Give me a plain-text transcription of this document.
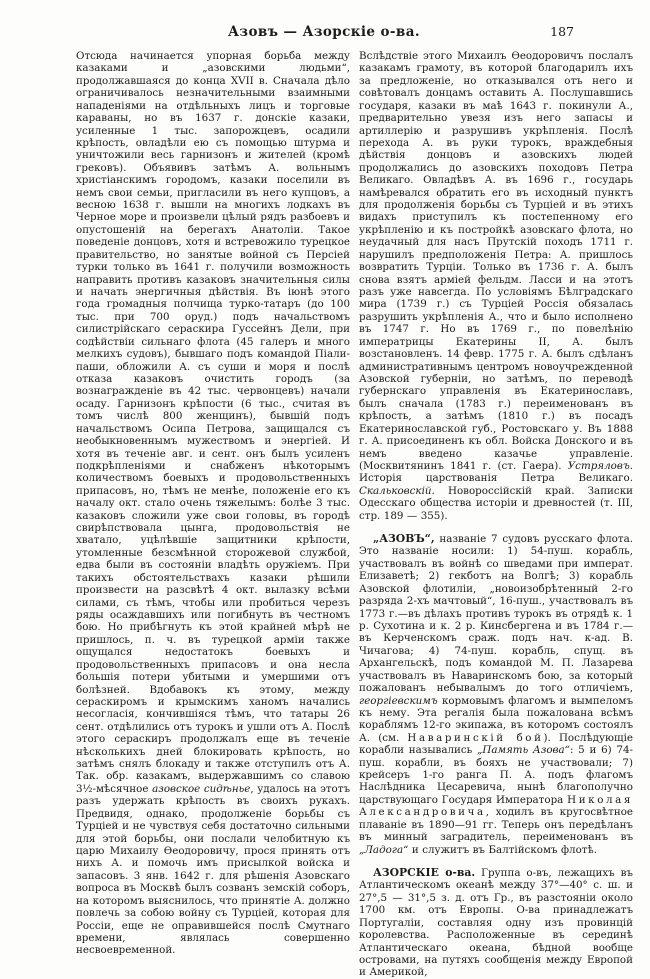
Азовъ — Азорскіе о-ва.	187

Отсюда начинается упорная борьба между казаками и „азовскими людьми“, продолжавшаяся до конца XVII в. Сначала дѣло ограничивалось незначительными взаимными нападеніями на отдѣльныхъ лицъ и торговые караваны, но въ 1637 г. донскіе казаки, усиленные 1 тыс. запорожцевъ, осадили крѣпость, овладѣли ею съ помощью штурма и уничтожили весь гарнизонъ и жителей (кромѣ грековъ). Объявивъ затѣмъ А. вольнымъ христіанскимъ городомъ, казаки поселили въ немъ свои семьи, пригласили въ него купцовъ, а весною 1638 г. вышли на многихъ лодкахъ въ Черное море и произвели цѣлый рядъ разбоевъ и опустошеній на берегахъ Анатоліи. Такое поведеніе донцовъ, хотя и встревожило турецкое правительство, но занятые войной съ Персіей турки только въ 1641 г. получили возможность направить противъ казаковъ значительныя силы и начать энергичныя дѣйствія. Въ іюнѣ этого года громадныя полчища турко-татаръ (до 100 тыс. при 700 оруд.) подъ начальствомъ силистрійскаго сераскира Гуссейнъ Дели, при содѣйствіи сильнаго флота (45 галеръ и много мелкихъ судовъ), бывшаго подъ командой Піали-паши, обложили А. съ суши и моря и послѣ отказа казаковъ очистить городъ (за вознагражденіе въ 42 тыс. червонцевъ) начали осаду. Гарнизонъ крѣпости (6 тыс., считая въ томъ числѣ 800 женщинъ), бывшій подъ начальствомъ Осипа Петрова, защищался съ необыкновеннымъ мужествомъ и энергіей. И хотя въ теченіе авг. и сент. онъ былъ усиленъ подкрѣпленіями и снабженъ нѣкоторымъ количествомъ боевыхъ и продовольственныхъ припасовъ, но, тѣмъ не менѣе, положеніе его къ началу окт. стало очень тяжелымъ: болѣе 3 тыс. казаковъ сложили уже свои головы, въ городѣ свирѣпствовала цынга, продовольствія не хватало, уцѣлѣвшіе защитники крѣпости, утомленные безсмѣнной сторожевой службой, едва были въ состояніи владѣть оружіемъ. При такихъ обстоятельствахъ казаки рѣшили произвести на разсвѣтѣ 4 окт. вылазку всѣми силами, съ тѣмъ, чтобы или пробиться черезъ ряды осаждавшихъ или погибнуть въ честномъ бою. Но прибѣгнуть къ этой крайней мѣрѣ не пришлось, п. ч. въ турецкой арміи также ощущался недостатокъ боевыхъ и продовольственныхъ припасовъ и она несла большія потери убитыми и умершими отъ болѣзней. Вдобавокъ къ этому, между сераскиромъ и крымскимъ ханомъ начались несогласія, кончившіяся тѣмъ, что татары 26 сент. отдѣлились отъ турокъ и ушли отъ А. Послѣ этого сераскиръ продолжалъ еще въ теченіе нѣсколькихъ дней блокировать крѣпость, но затѣмъ снялъ блокаду и также отступилъ отъ А. Так. обр. казакамъ, выдержавшимъ со славою 3½-мѣсячное азовское сидѣнье, удалось на этотъ разъ удержать крѣпость въ своихъ рукахъ. Предвидя, однако, продолженіе борьбы съ Турціей и не чувствуя себя достаточно сильными для этой борьбы, они послали челобитную къ царю Михаилу Ѳеодоровичу, прося принять отъ нихъ А. и помочь имъ присылкой войска и запасовъ. 3 янв. 1642 г. для рѣшенія Азовскаго вопроса въ Москвѣ былъ созванъ земскій соборъ, на которомъ выяснилось, что принятіе А. должно повлечь за собою войну съ Турціей, которая для Россіи, еще не оправившейся послѣ Смутнаго времени, являлась совершенно несвоевременной.

Вслѣдствіе этого Михаилъ Ѳеодоровичъ послалъ казакамъ грамоту, въ которой благодарилъ ихъ за предложеніе, но отказывался отъ него и совѣтовалъ донцамъ оставить А. Послушавшись государя, казаки въ маѣ 1643 г. покинули А., предварительно увезя изъ него запасы и артиллерію и разрушивъ укрѣпленія. Послѣ перехода А. въ руки турокъ, враждебныя дѣйствія донцовъ и азовскихъ людей продолжались до азовскихъ походовъ Петра Великаго. Овладѣвъ А. въ 1696 г., государь намѣревался обратить его въ исходный пунктъ для продолженія борьбы съ Турціей и въ этихъ видахъ приступилъ къ постепенному его укрѣпленію и къ постройкѣ азовскаго флота, но неудачный для насъ Прутскій походъ 1711 г. нарушилъ предположенія Петра: А. пришлось возвратить Турціи. Только въ 1736 г. А. былъ снова взятъ арміей фельдм. Ласси и на этотъ разъ уже навсегда. По условіямъ Бѣлградскаго мира (1739 г.) съ Турціей Россія обязалась разрушить укрѣпленія А., что и было исполнено въ 1747 г. Но въ 1769 г., по повелѣнію императрицы Екатерины II, А. былъ возстановленъ. 14 февр. 1775 г. А. былъ сдѣланъ административнымъ центромъ новоучрежденной Азовской губерніи, но затѣмъ, по переводѣ губернскаго управленія въ Екатеринославъ, былъ сначала (1783 г.) переименованъ въ крѣпость, а затѣмъ (1810 г.) въ посадъ Екатеринославской губ., Ростовскаго у. Въ 1888 г. А. присоединенъ къ обл. Войска Донского и въ немъ введено казачье управленіе. (Москвитянинъ 1841 г. (ст. Гаера). Устряловъ. Исторія царствованія Петра Великаго. Скальковскій. Новороссійскій край. Записки Одесскаго общества исторіи и древностей (т. III, стр. 189 — 355).

„АЗОВЪ“, названіе 7 судовъ русскаго флота. Это названіе носили: 1) 54-пуш. корабль, участвовалъ въ войнѣ со шведами при императ. Елизаветѣ; 2) гекботъ на Волгѣ; 3) корабль Азовской флотиліи, „новоизобрѣтенный 2-го разряда 2-хъ мачтовый“, 16-пуш., участвовалъ въ 1773 г.—въ дѣлахъ противъ турокъ въ отрядѣ к. 1 р. Сухотина и к. 2 р. Кинсбергена и въ 1784 г.—въ Керченскомъ сраж. подъ нач. к-ад. В. Чичагова; 4) 74-пуш. корабль, спущ. въ Архангельскѣ, подъ командой М. П. Лазарева участвовалъ въ Наваринскомъ бою, за который пожалованъ небывалымъ до того отличіемъ, георгіевскимъ кормовымъ флагомъ и вымпеломъ къ нему. Эта регалія была пожалована всѣмъ кораблямъ 12-го экипажа, въ которомъ состоялъ А. (см. Наваринскій бой). Послѣдующіе корабли назывались „Память Азова“: 5 и 6) 74-пуш. корабли, въ бояхъ не участвовали; 7) крейсеръ 1-го ранга П. А. подъ флагомъ Наслѣдника Цесаревича, нынѣ благополучно царствующаго Государя Императора Николая Александровича, ходилъ въ кругосвѣтное плаваніе въ 1890—91 гг. Теперь онъ передѣланъ въ минный заградитель, переименованъ въ „Ладога“ и служитъ въ Балтійскомъ флотѣ.

АЗОРСКІЕ о-ва. Группа о-въ, лежащихъ въ Атлантическомъ океанѣ между 37°—40° с. ш. и 27°,5 — 31°,5 з. д. отъ Гр., въ разстояніи около 1700 км. отъ Европы. О-ва принадлежатъ Португаліи, составляя одну изъ провинцій королевства. Расположенные въ серединѣ Атлантическаго океана, бѣдной вообще островами, на путяхъ сообщенія между Европой и Америкой,
